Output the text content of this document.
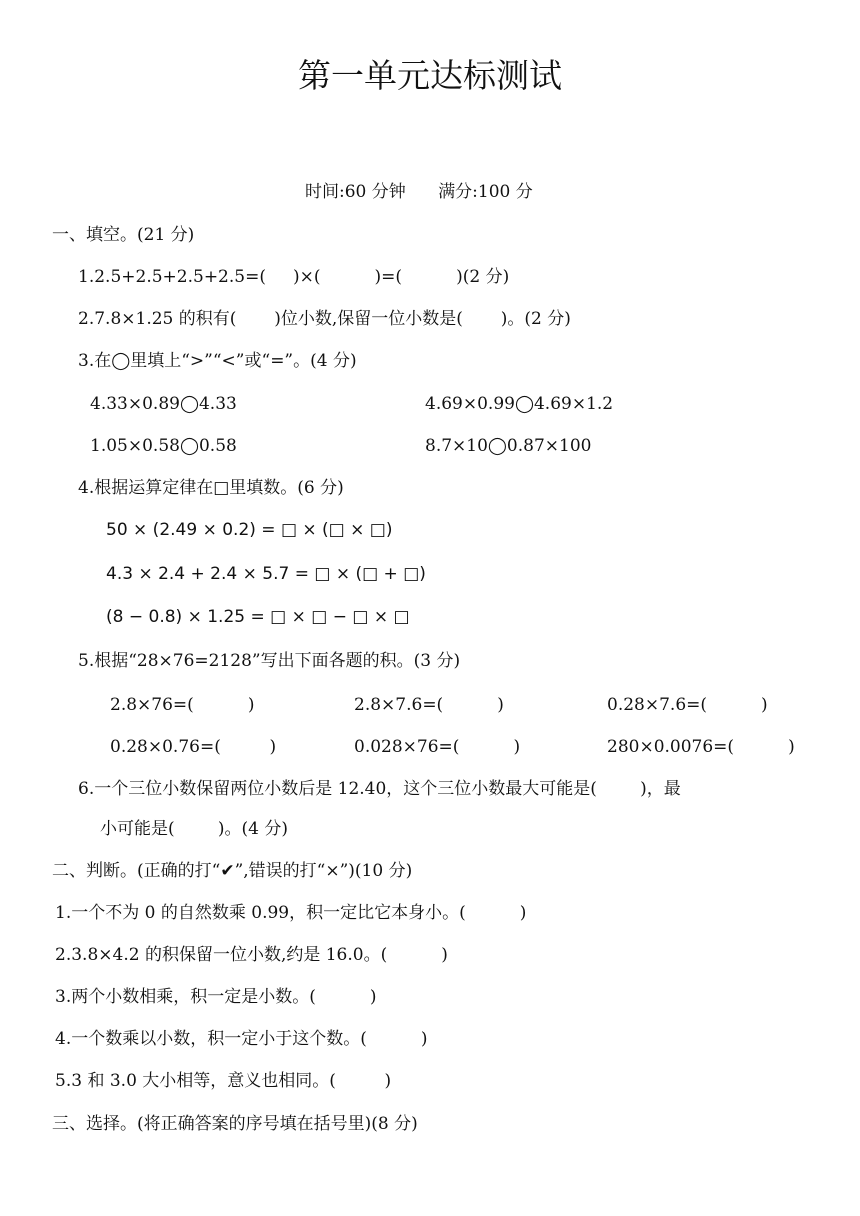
第一单元达标测试
时间:60 分钟      满分:100 分
一、填空。(21 分)
1.2.5+2.5+2.5+2.5=(     )×(          )=(          )(2 分)
2.7.8×1.25 的积有(       )位小数,保留一位小数是(       )。(2 分)
3.在◯里填上“>”“<”或“=”。(4 分)
4.33×0.89◯4.33	4.69×0.99◯4.69×1.2
1.05×0.58◯0.58	8.7×10◯0.87×100
4.根据运算定律在□里填数。(6 分)
50 × (2.49 × 0.2) = □ × (□ × □)
4.3 × 2.4 + 2.4 × 5.7 = □ × (□ + □)
(8 − 0.8) × 1.25 = □ × □ − □ × □
5.根据“28×76=2128”写出下面各题的积。(3 分)
2.8×76=(          )	2.8×7.6=(          )	0.28×7.6=(          )
0.28×0.76=(         )	0.028×76=(          )	280×0.0076=(          )
6.一个三位小数保留两位小数后是 12.40，这个三位小数最大可能是(        )，最
小可能是(        )。(4 分)
二、判断。(正确的打“✔”,错误的打“×”)(10 分)
1.一个不为 0 的自然数乘 0.99，积一定比它本身小。(          )
2.3.8×4.2 的积保留一位小数,约是 16.0。(          )
3.两个小数相乘，积一定是小数。(          )
4.一个数乘以小数，积一定小于这个数。(          )
5.3 和 3.0 大小相等，意义也相同。(         )
三、选择。(将正确答案的序号填在括号里)(8 分)
